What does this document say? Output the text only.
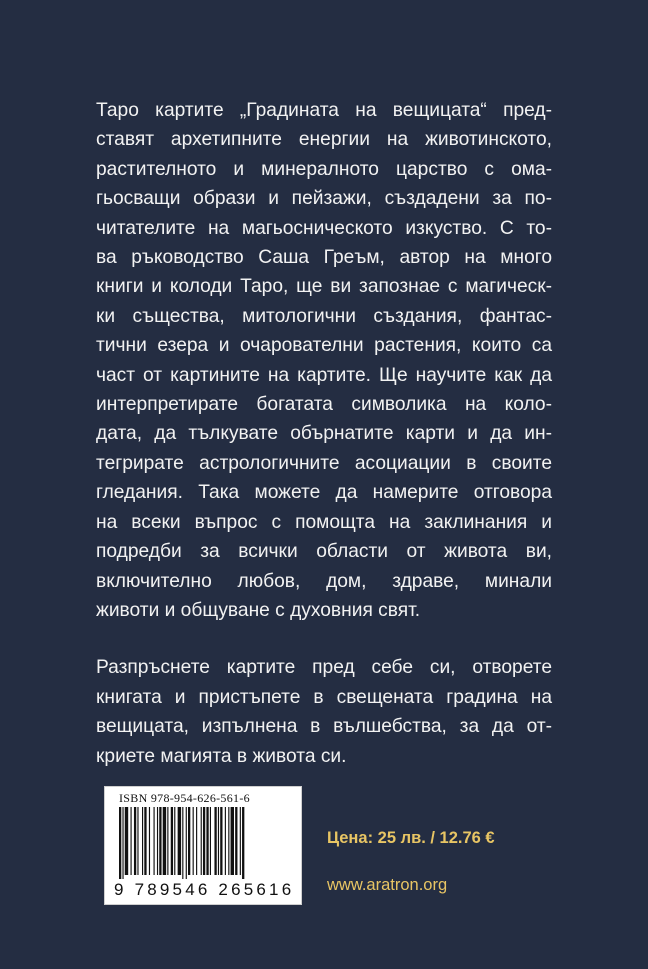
Таро картите „Градината на вещицата“ пред-
ставят архетипните енергии на животинското,
растителното и минералното царство с ома-
гьосващи образи и пейзажи, създадени за по-
читателите на магьосническото изкуство. С то-
ва ръководство Саша Греъм, автор на много
книги и колоди Таро, ще ви запознае с магическ-
ки същества, митологични създания, фантас-
тични езера и очарователни растения, които са
част от картините на картите. Ще научите как да
интерпретирате богатата символика на коло-
дата, да тълкувате обърнатите карти и да ин-
тегрирате астрологичните асоциации в своите
гледания. Така можете да намерите отговора
на всеки въпрос с помощта на заклинания и
подредби за всички области от живота ви,
включително любов, дом, здраве, минали
животи и общуване с духовния свят.
Разпръснете картите пред себе си, отворете
книгата и пристъпете в свещената градина на
вещицата, изпълнена в вълшебства, за да от-
криете магията в живота си.
ISBN 978-954-626-561-6
9 789546 265616
Цена: 25 лв. / 12.76 €
www.aratron.org
